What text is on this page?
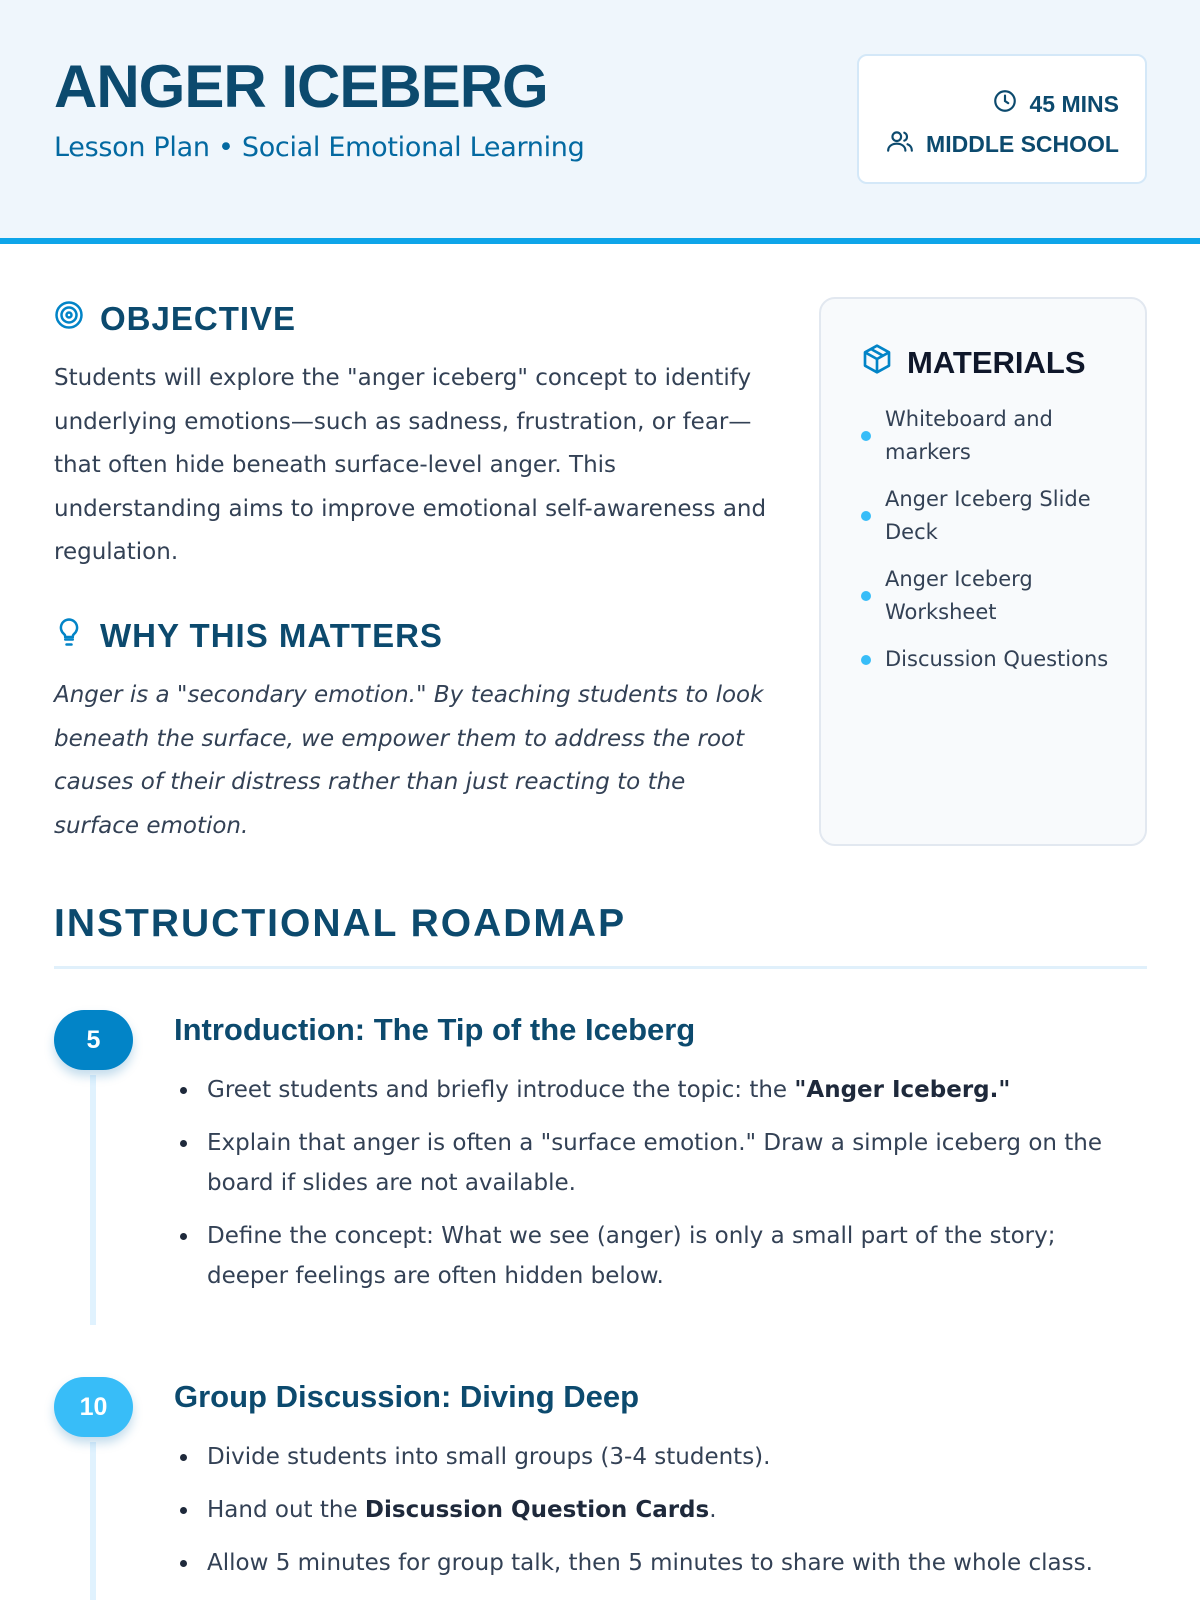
ANGER ICEBERG
Lesson Plan • Social Emotional Learning
45 MINS
MIDDLE SCHOOL
OBJECTIVE
Students will explore the "anger iceberg" concept to identify underlying emotions—such as sadness, frustration, or fear—that often hide beneath surface-level anger. This understanding aims to improve emotional self-awareness and regulation.
WHY THIS MATTERS
Anger is a "secondary emotion." By teaching students to look beneath the surface, we empower them to address the root causes of their distress rather than just reacting to the surface emotion.
MATERIALS
Whiteboard and markers
Anger Iceberg Slide Deck
Anger Iceberg Worksheet
Discussion Questions
INSTRUCTIONAL ROADMAP
5	Introduction: The Tip of the Iceberg
Greet students and briefly introduce the topic: the "Anger Iceberg."
Explain that anger is often a "surface emotion." Draw a simple iceberg on the board if slides are not available.
Define the concept: What we see (anger) is only a small part of the story; deeper feelings are often hidden below.
10	Group Discussion: Diving Deep
Divide students into small groups (3-4 students).
Hand out the Discussion Question Cards.
Allow 5 minutes for group talk, then 5 minutes to share with the whole class.
